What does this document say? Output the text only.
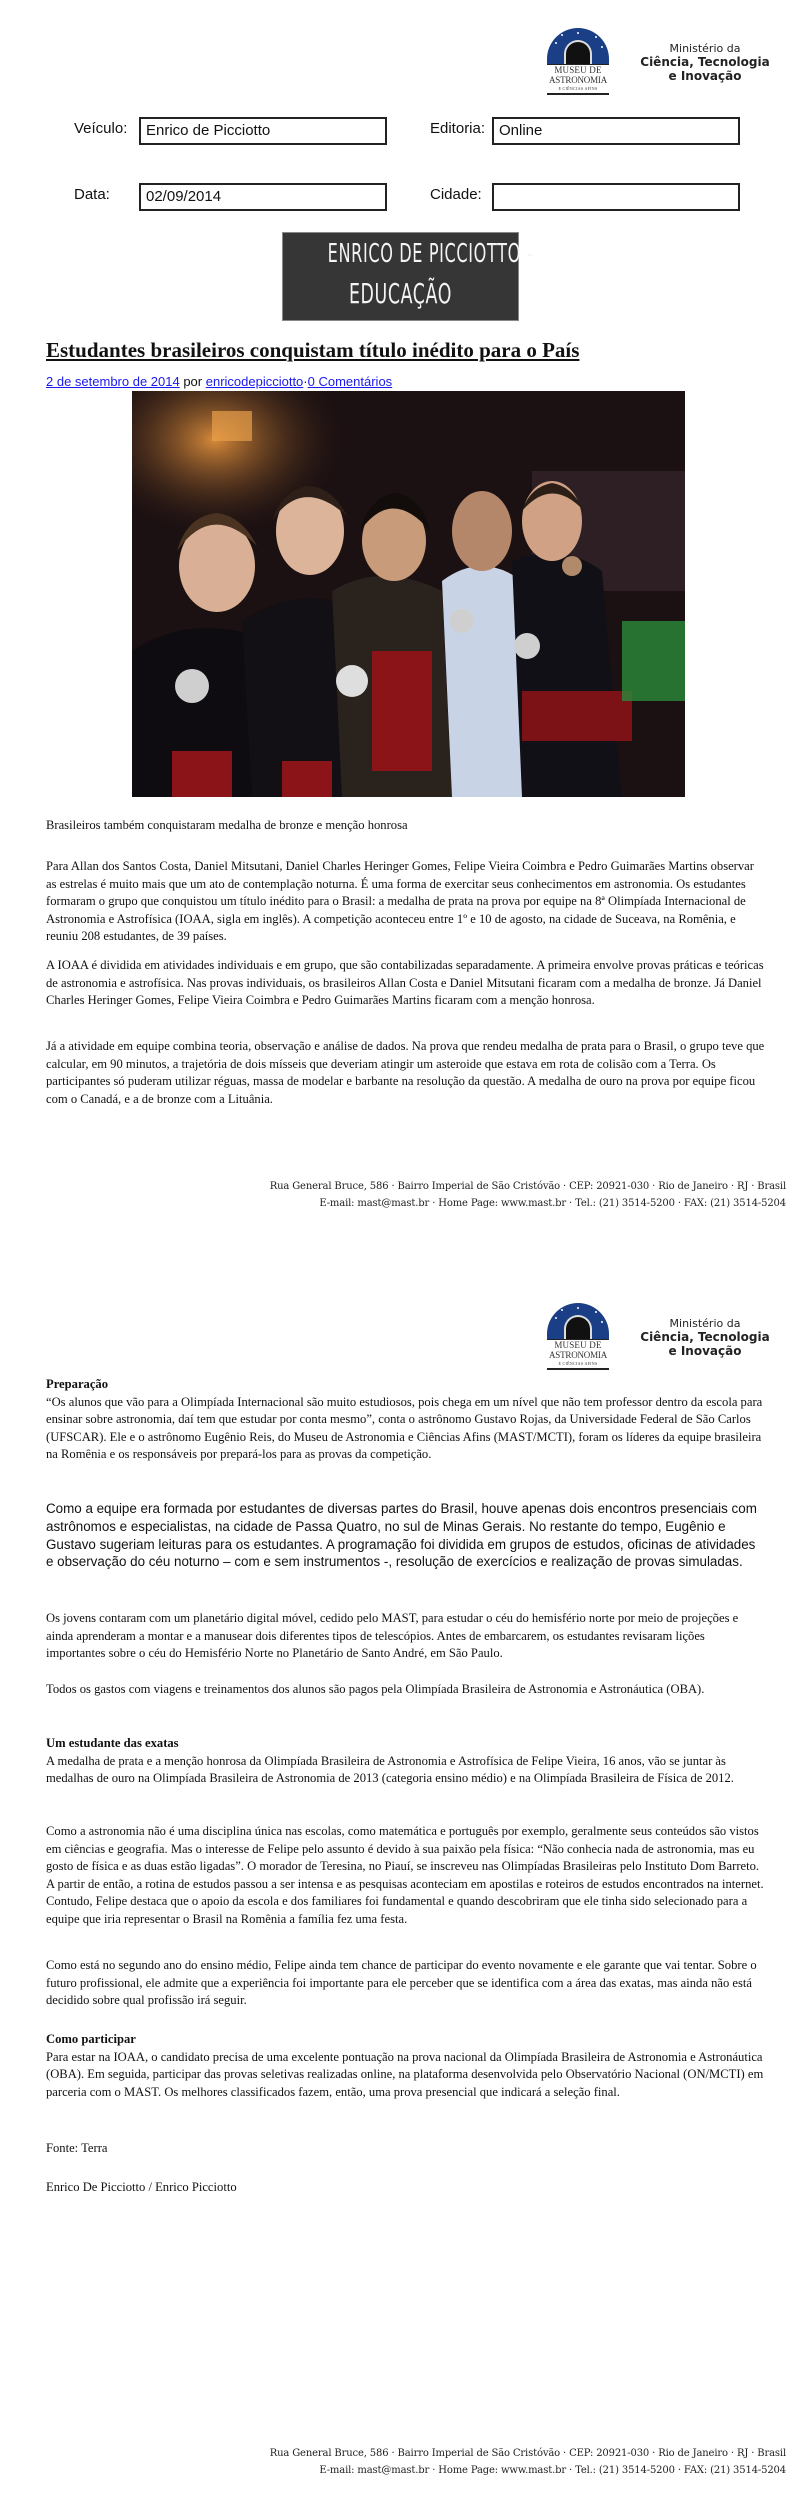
MUSEU DE
ASTRONOMIA
E CIÊNCIAS AFINS
Ministério da
Ciência, Tecnologia
e Inovação
Veículo:	Enrico de Picciotto	Editoria: Online
Data:	02/09/2014	Cidade:
ENRICO DE PICCIOTTO -
EDUCAÇÃO
Estudantes brasileiros conquistam título inédito para o País
2 de setembro de 2014 por enricodepicciotto·0 Comentários
Brasileiros também conquistaram medalha de bronze e menção honrosa
Para Allan dos Santos Costa, Daniel Mitsutani, Daniel Charles Heringer Gomes, Felipe Vieira Coimbra e Pedro Guimarães Martins observar as estrelas é muito mais que um ato de contemplação noturna. É uma forma de exercitar seus conhecimentos em astronomia. Os estudantes formaram o grupo que conquistou um título inédito para o Brasil: a medalha de prata na prova por equipe na 8ª Olimpíada Internacional de Astronomia e Astrofísica (IOAA, sigla em inglês). A competição aconteceu entre 1º e 10 de agosto, na cidade de Suceava, na Romênia, e reuniu 208 estudantes, de 39 países.
A IOAA é dividida em atividades individuais e em grupo, que são contabilizadas separadamente. A primeira envolve provas práticas e teóricas de astronomia e astrofísica. Nas provas individuais, os brasileiros Allan Costa e Daniel Mitsutani ficaram com a medalha de bronze. Já Daniel Charles Heringer Gomes, Felipe Vieira Coimbra e Pedro Guimarães Martins ficaram com a menção honrosa.
Já a atividade em equipe combina teoria, observação e análise de dados. Na prova que rendeu medalha de prata para o Brasil, o grupo teve que calcular, em 90 minutos, a trajetória de dois mísseis que deveriam atingir um asteroide que estava em rota de colisão com a Terra. Os participantes só puderam utilizar réguas, massa de modelar e barbante na resolução da questão. A medalha de ouro na prova por equipe ficou com o Canadá, e a de bronze com a Lituânia.
Rua General Bruce, 586 · Bairro Imperial de São Cristóvão · CEP: 20921-030 · Rio de Janeiro · RJ · Brasil
E-mail: mast@mast.br · Home Page: www.mast.br · Tel.: (21) 3514-5200 · FAX: (21) 3514-5204
MUSEU DE
ASTRONOMIA
E CIÊNCIAS AFINS
Ministério da
Ciência, Tecnologia
e Inovação
Preparação
“Os alunos que vão para a Olimpíada Internacional são muito estudiosos, pois chega em um nível que não tem professor dentro da escola para ensinar sobre astronomia, daí tem que estudar por conta mesmo”, conta o astrônomo Gustavo Rojas, da Universidade Federal de São Carlos (UFSCAR). Ele e o astrônomo Eugênio Reis, do Museu de Astronomia e Ciências Afins (MAST/MCTI), foram os líderes da equipe brasileira na Romênia e os responsáveis por prepará-los para as provas da competição.
Como a equipe era formada por estudantes de diversas partes do Brasil, houve apenas dois encontros presenciais com astrônomos e especialistas, na cidade de Passa Quatro, no sul de Minas Gerais. No restante do tempo, Eugênio e Gustavo sugeriam leituras para os estudantes. A programação foi dividida em grupos de estudos, oficinas de atividades e observação do céu noturno – com e sem instrumentos -, resolução de exercícios e realização de provas simuladas.
Os jovens contaram com um planetário digital móvel, cedido pelo MAST, para estudar o céu do hemisfério norte por meio de projeções e ainda aprenderam a montar e a manusear dois diferentes tipos de telescópios. Antes de embarcarem, os estudantes revisaram lições importantes sobre o céu do Hemisfério Norte no Planetário de Santo André, em São Paulo.
Todos os gastos com viagens e treinamentos dos alunos são pagos pela Olimpíada Brasileira de Astronomia e Astronáutica (OBA).
Um estudante das exatas
A medalha de prata e a menção honrosa da Olimpíada Brasileira de Astronomia e Astrofísica de Felipe Vieira, 16 anos, vão se juntar às medalhas de ouro na Olimpíada Brasileira de Astronomia de 2013 (categoria ensino médio) e na Olimpíada Brasileira de Física de 2012.
Como a astronomia não é uma disciplina única nas escolas, como matemática e português por exemplo, geralmente seus conteúdos são vistos em ciências e geografia. Mas o interesse de Felipe pelo assunto é devido à sua paixão pela física: “Não conhecia nada de astronomia, mas eu gosto de física e as duas estão ligadas”. O morador de Teresina, no Piauí, se inscreveu nas Olimpíadas Brasileiras pelo Instituto Dom Barreto. A partir de então, a rotina de estudos passou a ser intensa e as pesquisas aconteciam em apostilas e roteiros de estudos encontrados na internet. Contudo, Felipe destaca que o apoio da escola e dos familiares foi fundamental e quando descobriram que ele tinha sido selecionado para a equipe que iria representar o Brasil na Romênia a família fez uma festa.
Como está no segundo ano do ensino médio, Felipe ainda tem chance de participar do evento novamente e ele garante que vai tentar. Sobre o futuro profissional, ele admite que a experiência foi importante para ele perceber que se identifica com a área das exatas, mas ainda não está decidido sobre qual profissão irá seguir.
Como participar
Para estar na IOAA, o candidato precisa de uma excelente pontuação na prova nacional da Olimpíada Brasileira de Astronomia e Astronáutica (OBA). Em seguida, participar das provas seletivas realizadas online, na plataforma desenvolvida pelo Observatório Nacional (ON/MCTI) em parceria com o MAST. Os melhores classificados fazem, então, uma prova presencial que indicará a seleção final.
Fonte: Terra
Enrico De Picciotto / Enrico Picciotto
Rua General Bruce, 586 · Bairro Imperial de São Cristóvão · CEP: 20921-030 · Rio de Janeiro · RJ · Brasil
E-mail: mast@mast.br · Home Page: www.mast.br · Tel.: (21) 3514-5200 · FAX: (21) 3514-5204
